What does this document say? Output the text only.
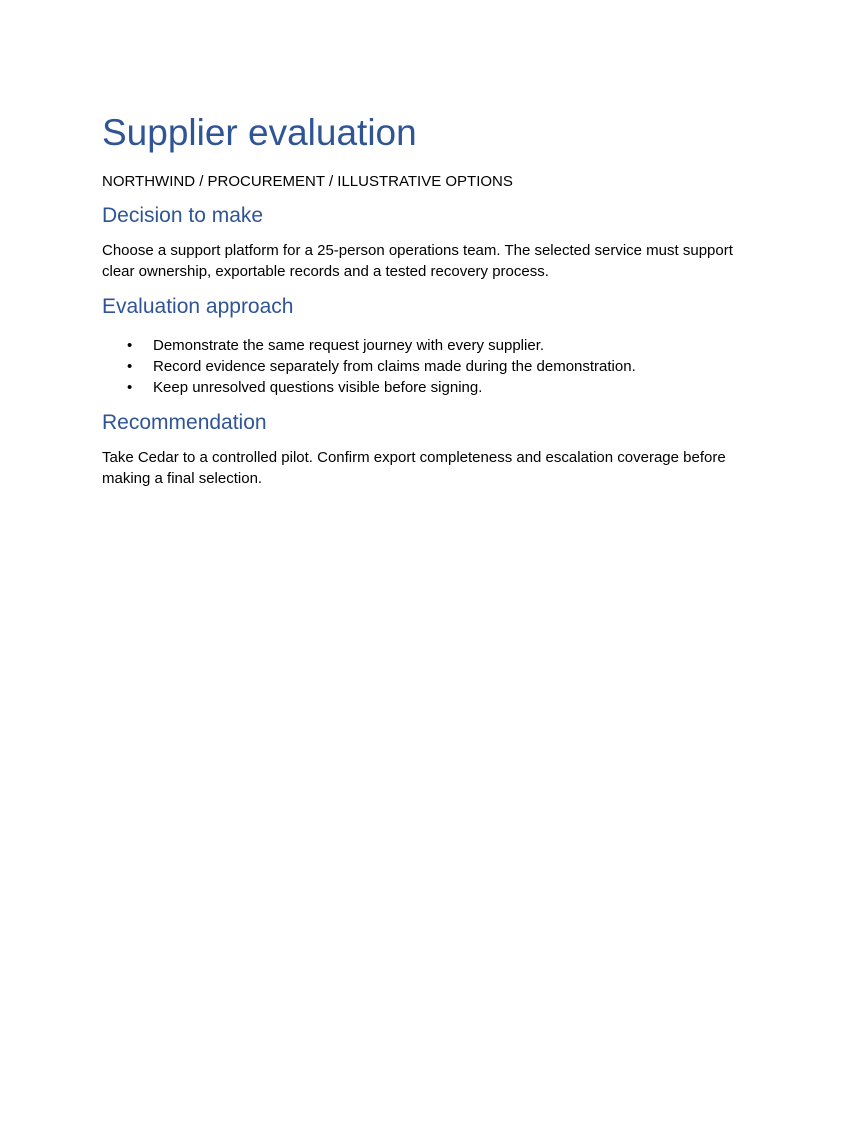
Supplier evaluation
NORTHWIND / PROCUREMENT / ILLUSTRATIVE OPTIONS
Decision to make

Choose a support platform for a 25-person operations team. The selected service must support clear ownership, exportable records and a tested recovery process.

Evaluation approach
• Demonstrate the same request journey with every supplier.
• Record evidence separately from claims made during the demonstration.
• Keep unresolved questions visible before signing.
Recommendation

Take Cedar to a controlled pilot. Confirm export completeness and escalation coverage before making a final selection.
